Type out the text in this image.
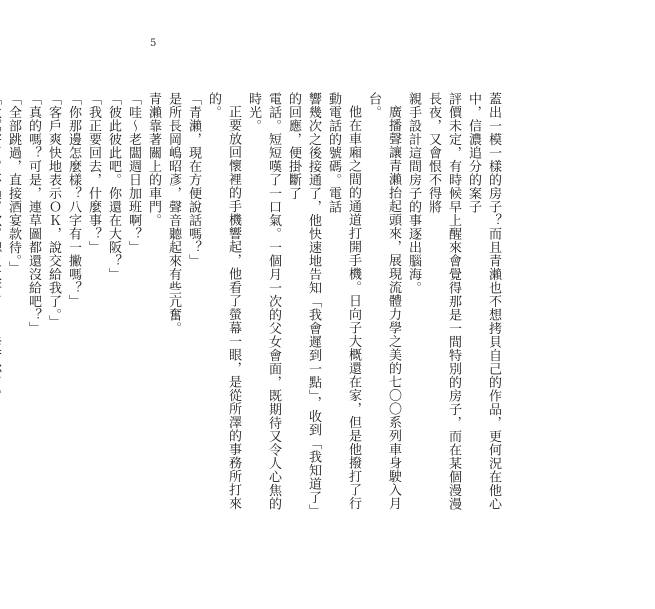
5

蓋出一模一樣的房子？而且青瀨也不想拷貝自己的作品，更何況在他心中，信濃追分的案子

評價未定，有時候早上醒來會覺得那是一間特別的房子，而在某個漫漫長夜，又會恨不得將

親手設計這間房子的事逐出腦海。

廣播聲讓青瀨抬起頭來，展現流體力學之美的七〇〇系列車身駛入月台。

他在車廂之間的通道打開手機。日向子大概還在家，但是他撥打了行動電話的號碼。電話

響幾次之後接通了，他快速地告知「我會遲到一點」，收到「我知道了」的回應，便掛斷了

電話。短短嘆了一口氣。一個月一次的父女會面，既期待又令人心焦的時光。

正要放回懷裡的手機響起，他看了螢幕一眼，是從所澤的事務所打來的。

「青瀨，現在方便說話嗎？」

是所長岡嶋昭彥，聲音聽起來有些亢奮。

青瀨靠著關上的車門。

「哇～老闆週日加班啊？」

「彼此彼此吧。你還在大阪？」

「我正要回去，什麼事？」

「你那邊怎麼樣？八字有一撇嗎？」

「客戶爽快地表示ＯＫ，說交給我了。」

「真的嗎？可是，連草圖都還沒給吧？」

「全部跳過，直接酒宴款待。」
